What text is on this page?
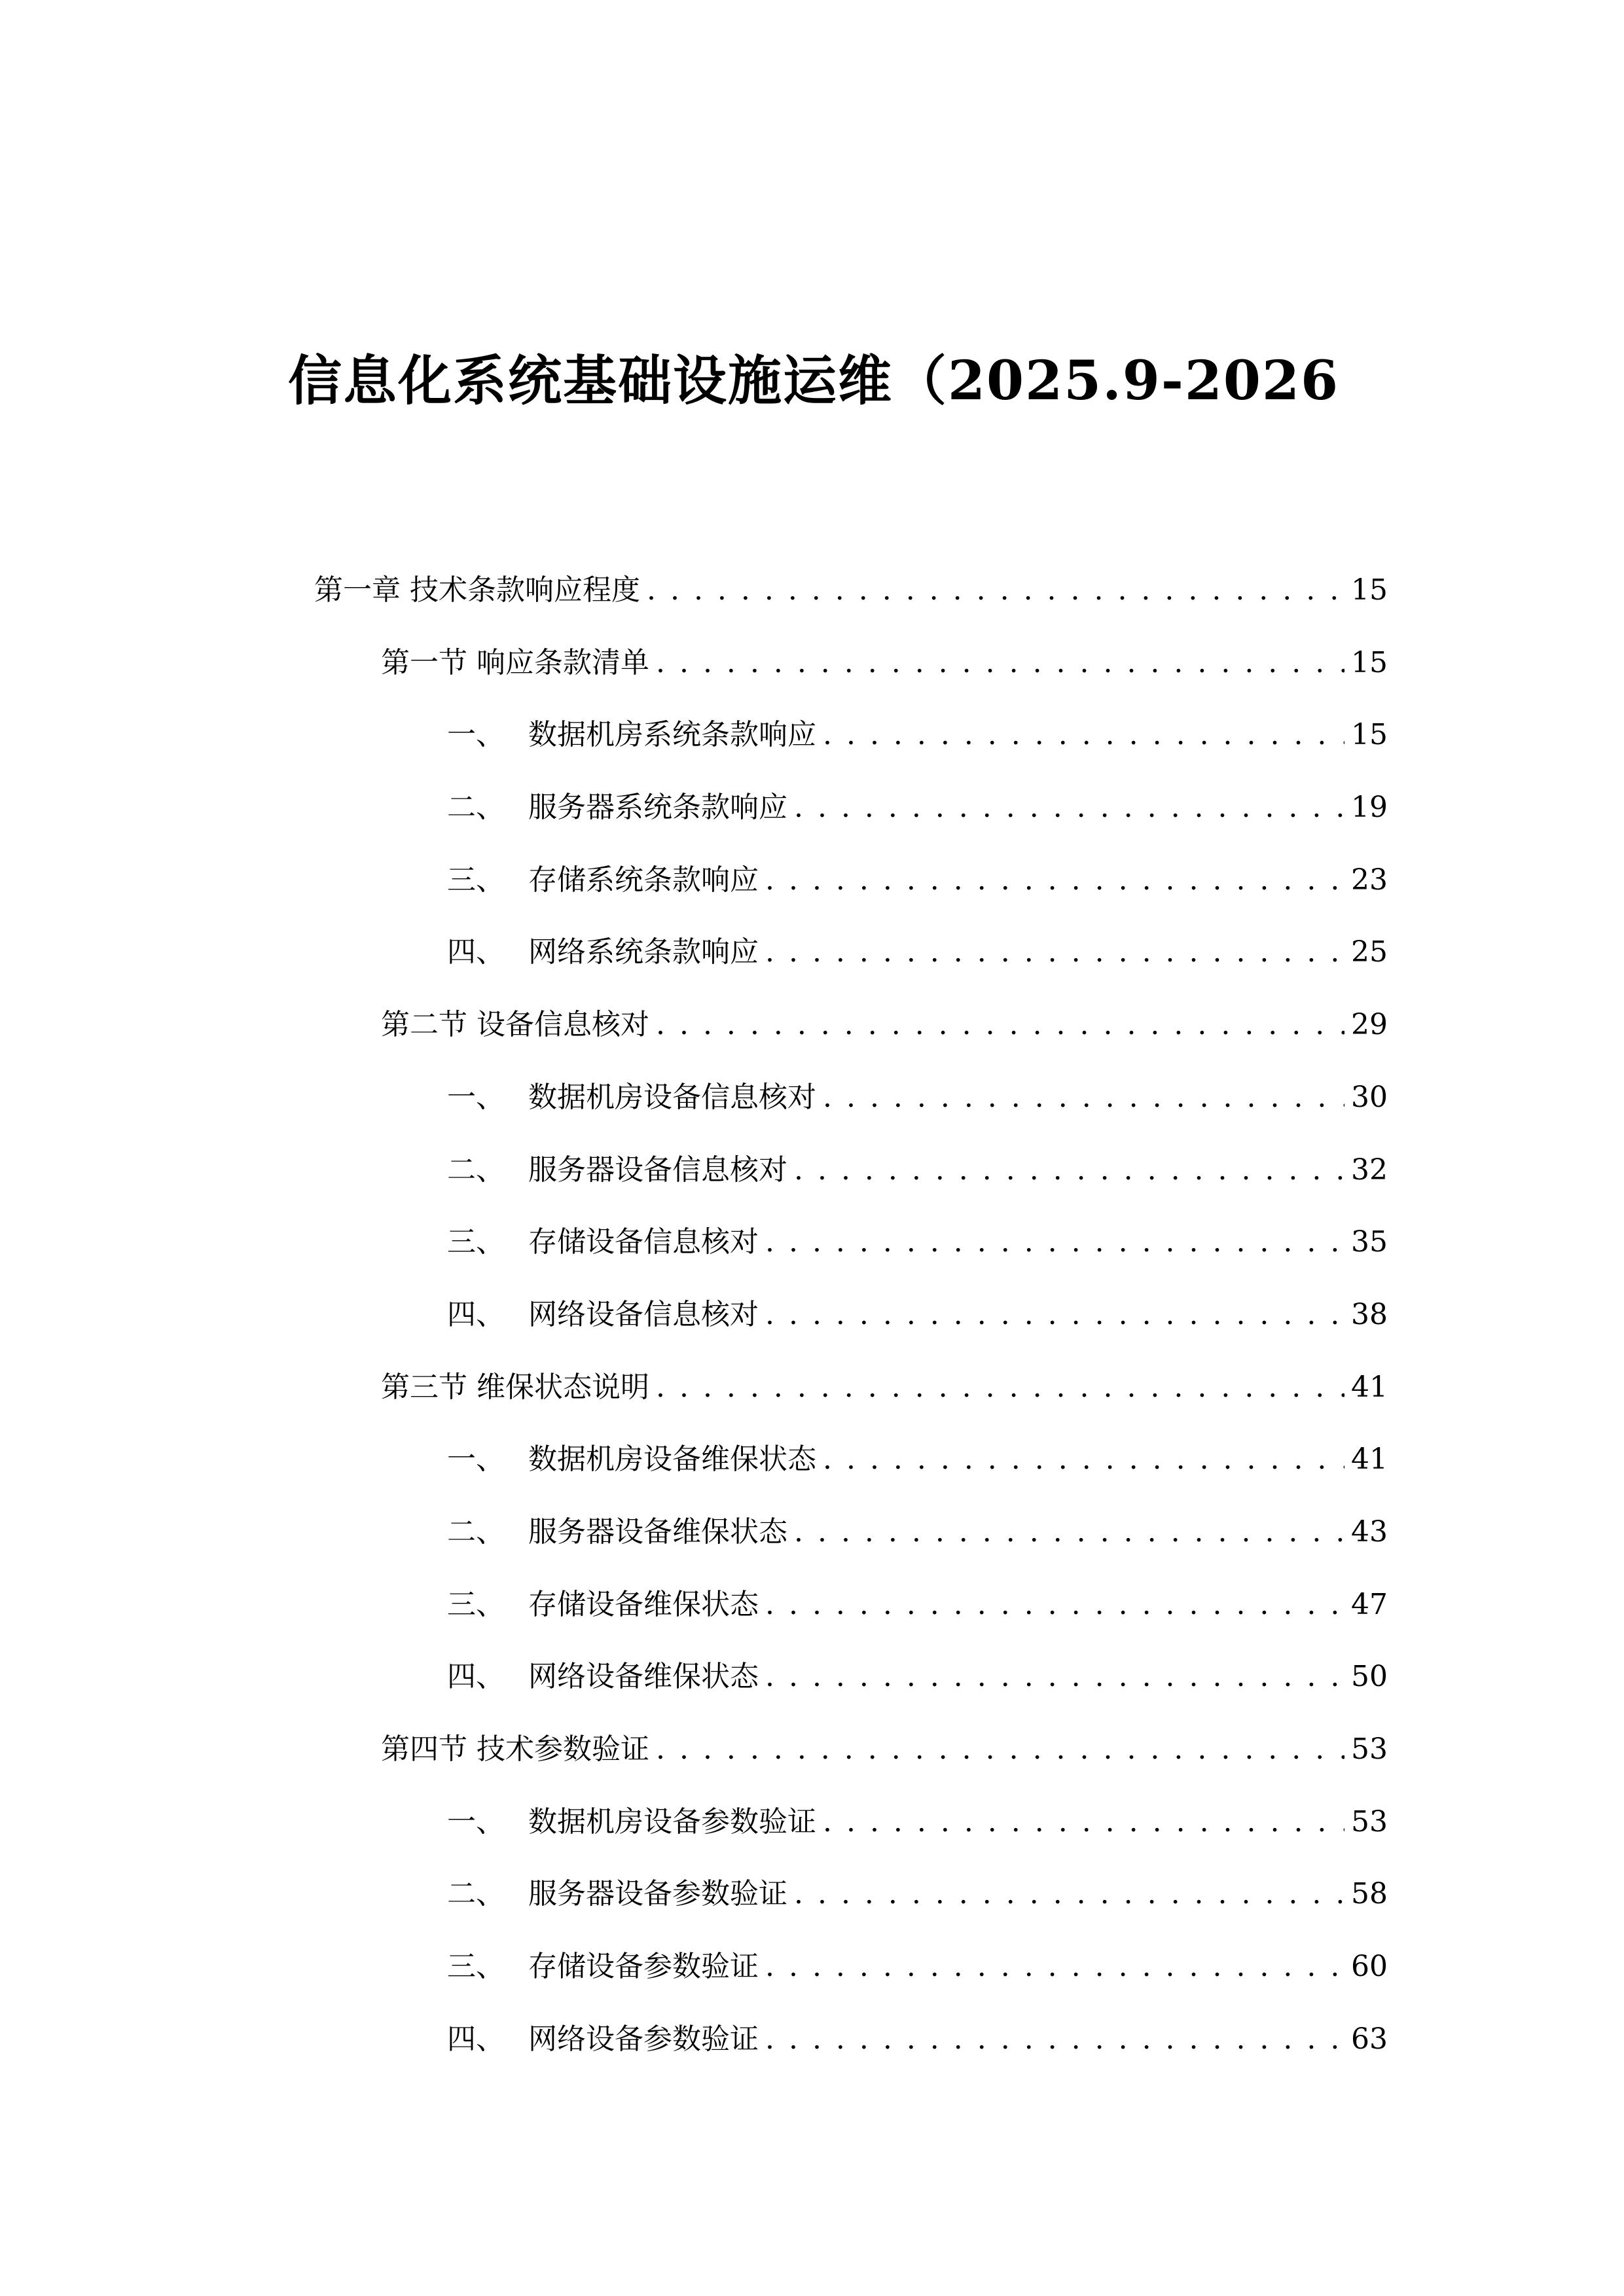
信息化系统基础设施运维（2025.9-2026
第一章 技术条款响应程度 . . .	15
第一节 响应条款清单 . . .	15
一、 数据机房系统条款响应 . . .	15
二、 服务器系统条款响应 . . .	19
三、 存储系统条款响应 . . .	23
四、 网络系统条款响应 . . .	25
第二节 设备信息核对 . . .	29
一、 数据机房设备信息核对 . . .	30
二、 服务器设备信息核对 . . .	32
三、 存储设备信息核对 . . .	35
四、 网络设备信息核对 . . .	38
第三节 维保状态说明 . . .	41
一、 数据机房设备维保状态 . . .	41
二、 服务器设备维保状态 . . .	43
三、 存储设备维保状态 . . .	47
四、 网络设备维保状态 . . .	50
第四节 技术参数验证 . . .	53
一、 数据机房设备参数验证 . . .	53
二、 服务器设备参数验证 . . .	58
三、 存储设备参数验证 . . .	60
四、 网络设备参数验证 . . .	63
